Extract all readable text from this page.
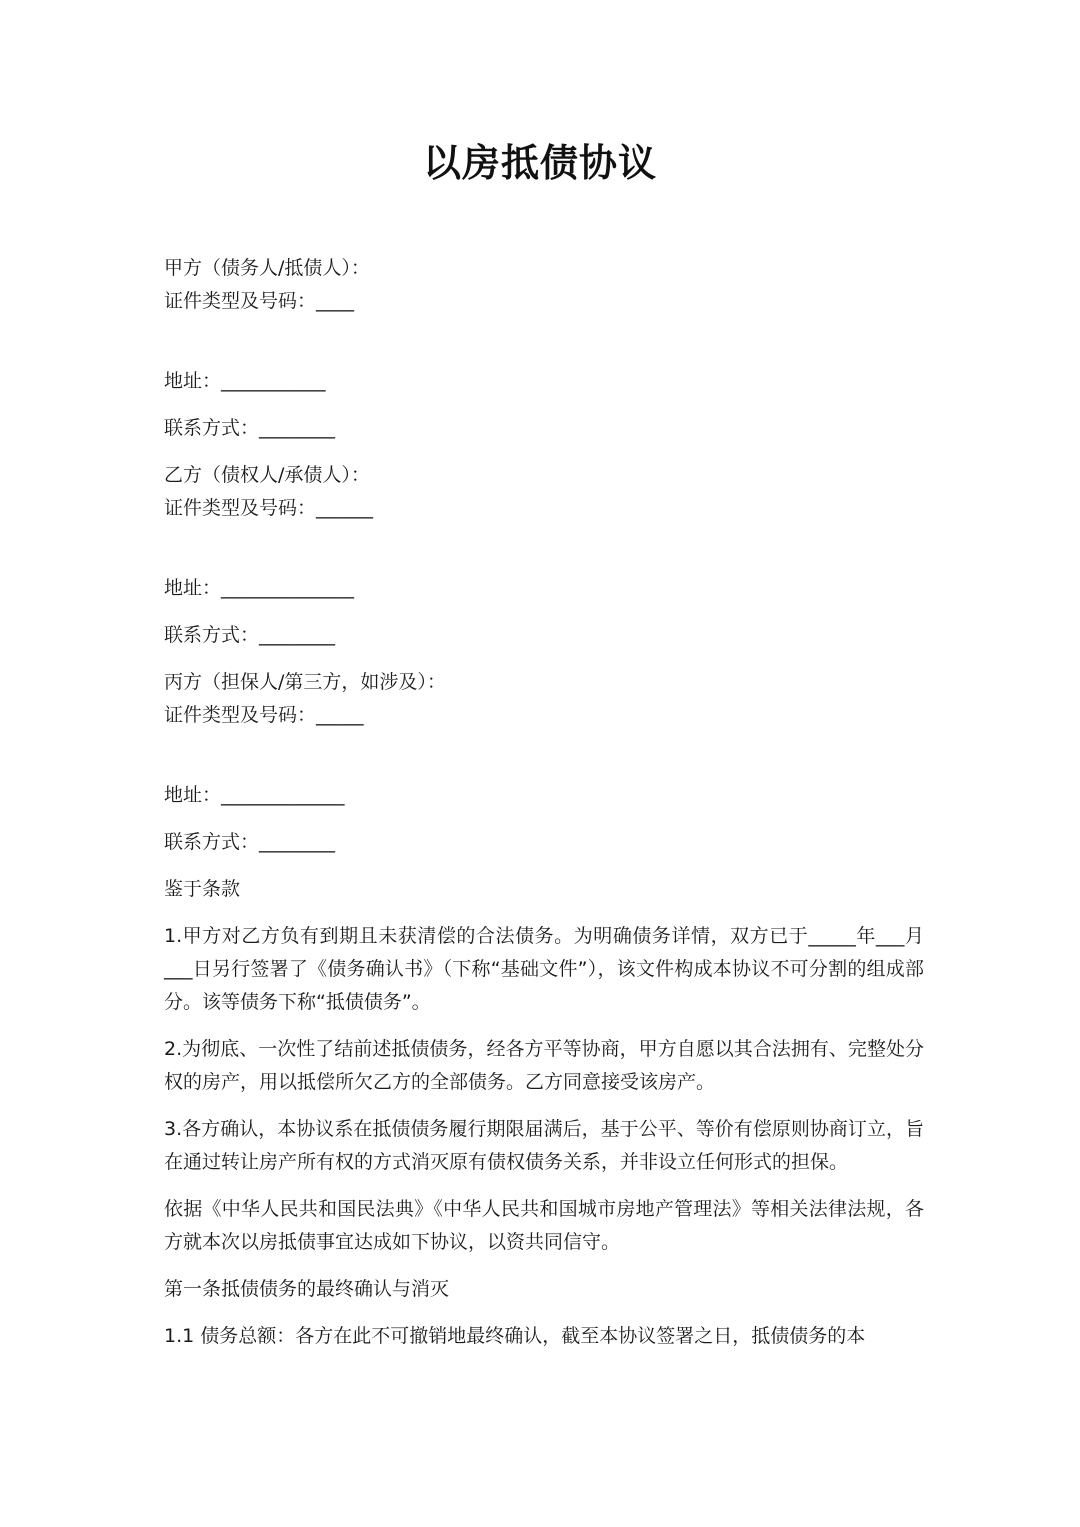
以房抵债协议

甲方（债务人/抵债人）：

证件类型及号码：____

地址：___________

联系方式：________

乙方（债权人/承债人）：

证件类型及号码：______

地址：______________

联系方式：________

丙方（担保人/第三方，如涉及）：

证件类型及号码：_____

地址：_____________

联系方式：________

鉴于条款

1.甲方对乙方负有到期且未获清偿的合法债务。为明确债务详情，双方已于_____年___月___日另行签署了《债务确认书》（下称“基础文件”），该文件构成本协议不可分割的组成部分。该等债务下称“抵债债务”。

2.为彻底、一次性了结前述抵债债务，经各方平等协商，甲方自愿以其合法拥有、完整处分权的房产，用以抵偿所欠乙方的全部债务。乙方同意接受该房产。

3.各方确认，本协议系在抵债债务履行期限届满后，基于公平、等价有偿原则协商订立，旨在通过转让房产所有权的方式消灭原有债权债务关系，并非设立任何形式的担保。

依据《中华人民共和国民法典》《中华人民共和国城市房地产管理法》等相关法律法规，各方就本次以房抵债事宜达成如下协议，以资共同信守。

第一条抵债债务的最终确认与消灭

1.1 债务总额：各方在此不可撤销地最终确认，截至本协议签署之日，抵债债务的本
